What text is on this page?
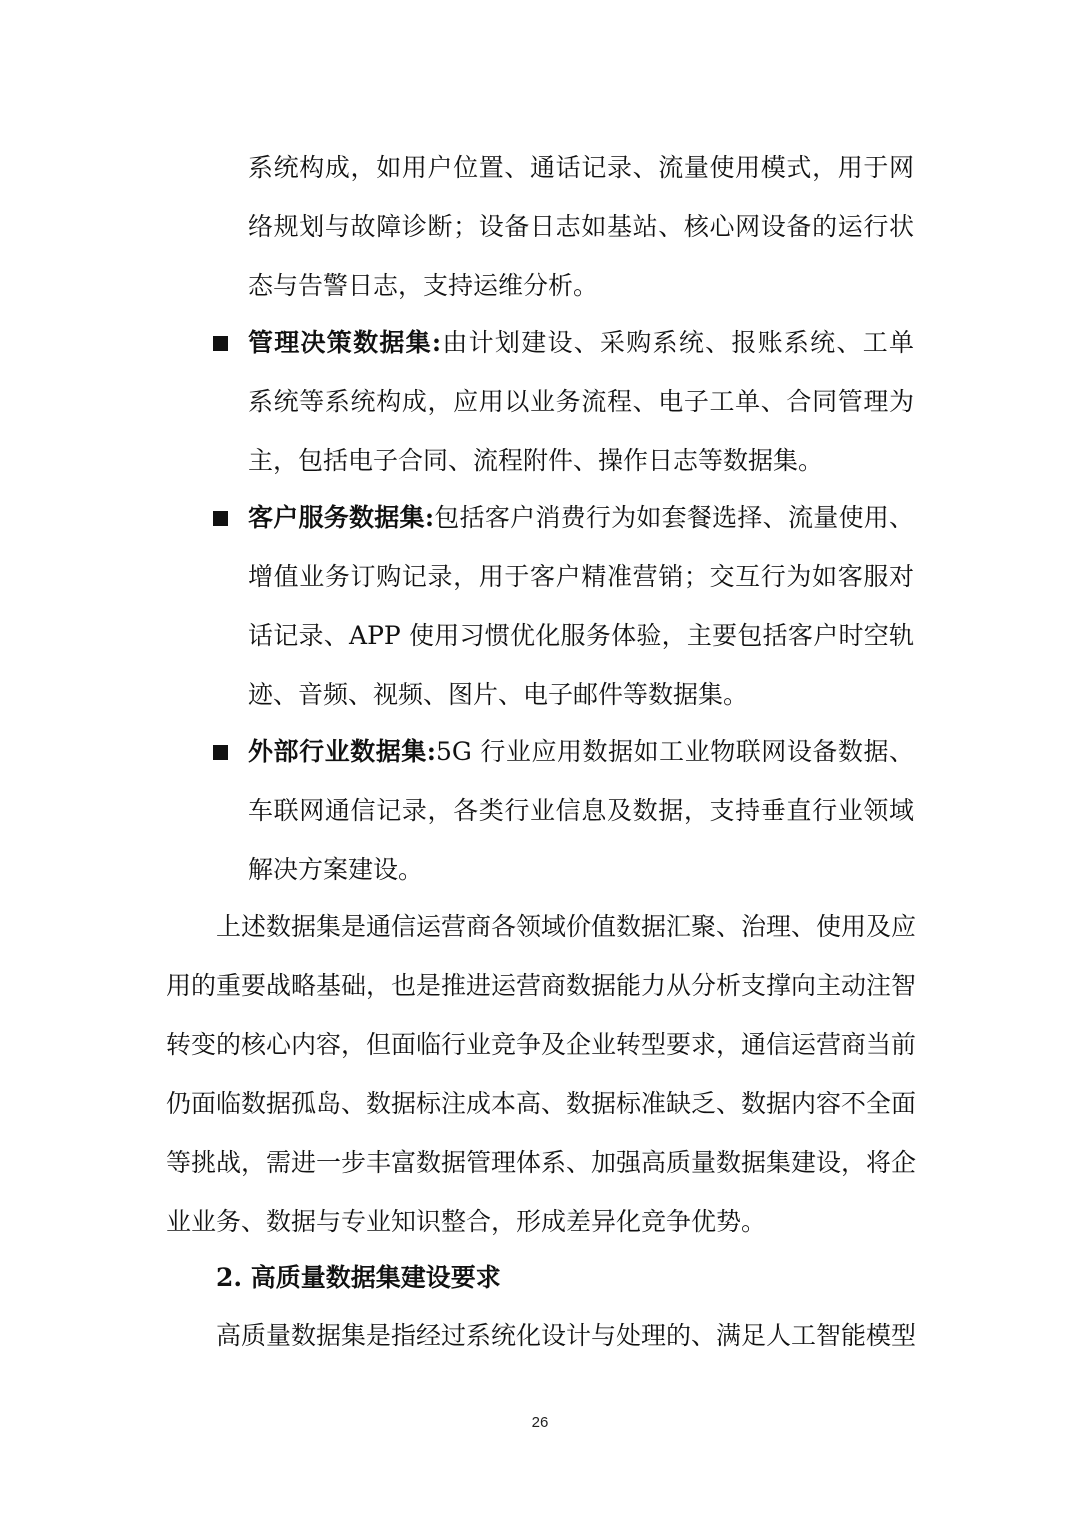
系统构成，如用户位置、通话记录、流量使用模式，用于网
络规划与故障诊断；设备日志如基站、核心网设备的运行状
态与告警日志，支持运维分析。
管理决策数据集:由计划建设、采购系统、报账系统、工单
系统等系统构成，应用以业务流程、电子工单、合同管理为
主，包括电子合同、流程附件、操作日志等数据集。
客户服务数据集:包括客户消费行为如套餐选择、流量使用、
增值业务订购记录，用于客户精准营销；交互行为如客服对
话记录、APP 使用习惯优化服务体验，主要包括客户时空轨
迹、音频、视频、图片、电子邮件等数据集。
外部行业数据集:5G 行业应用数据如工业物联网设备数据、
车联网通信记录，各类行业信息及数据，支持垂直行业领域
解决方案建设。
上述数据集是通信运营商各领域价值数据汇聚、治理、使用及应
用的重要战略基础，也是推进运营商数据能力从分析支撑向主动注智
转变的核心内容，但面临行业竞争及企业转型要求，通信运营商当前
仍面临数据孤岛、数据标注成本高、数据标准缺乏、数据内容不全面
等挑战，需进一步丰富数据管理体系、加强高质量数据集建设，将企
业业务、数据与专业知识整合，形成差异化竞争优势。
2. 高质量数据集建设要求
高质量数据集是指经过系统化设计与处理的、满足人工智能模型
26
